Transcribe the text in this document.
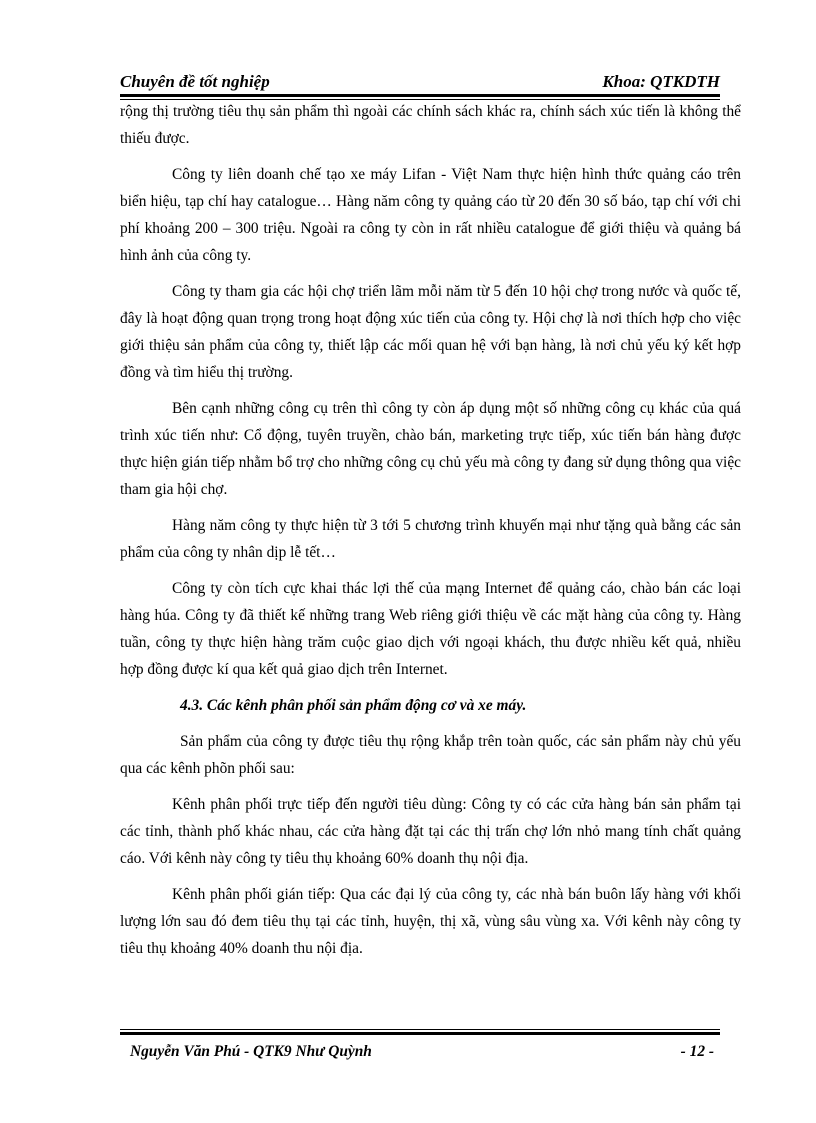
Chuyên đề tốt nghiệp	Khoa: QTKDTH

rộng thị trường tiêu thụ sản phẩm thì ngoài các chính sách khác ra, chính sách xúc tiến là không thể thiếu được.

Công ty liên doanh chế tạo xe máy Lifan - Việt Nam thực hiện hình thức quảng cáo trên biển hiệu, tạp chí hay catalogue… Hàng năm công ty quảng cáo từ 20 đến 30 số báo, tạp chí với chi phí khoảng 200 – 300 triệu. Ngoài ra công ty còn in rất nhiều catalogue để giới thiệu và quảng bá hình ảnh của công ty.

Công ty tham gia các hội chợ triển lãm mỗi năm từ 5 đến 10 hội chợ trong nước và quốc tế, đây là hoạt động quan trọng trong hoạt động xúc tiến của công ty. Hội chợ là nơi thích hợp cho việc giới thiệu sản phẩm của công ty, thiết lập các mối quan hệ với bạn hàng, là nơi chủ yếu ký kết hợp đồng và tìm hiểu thị trường.

Bên cạnh những công cụ trên thì công ty còn áp dụng một số những công cụ khác của quá trình xúc tiến như: Cổ động, tuyên truyền, chào bán, marketing trực tiếp, xúc tiến bán hàng được thực hiện gián tiếp nhằm bổ trợ cho những công cụ chủ yếu mà công ty đang sử dụng thông qua việc tham gia hội chợ.

Hàng năm công ty thực hiện từ 3 tới 5 chương trình khuyến mại như tặng quà bằng các sản phẩm của công ty nhân dịp lễ tết…

Công ty còn tích cực khai thác lợi thế của mạng Internet để quảng cáo, chào bán các loại hàng húa. Công ty đã thiết kế những trang Web riêng giới thiệu về các mặt hàng của công ty. Hàng tuần, công ty thực hiện hàng trăm cuộc giao dịch với ngoại khách, thu được nhiều kết quả, nhiều hợp đồng được kí qua kết quả giao dịch trên Internet.

4.3. Các kênh phân phối sản phẩm động cơ và xe máy.

Sản phẩm của công ty được tiêu thụ rộng khắp trên toàn quốc, các sản phẩm này chủ yếu qua các kênh phõn phối sau:

Kênh phân phối trực tiếp đến người tiêu dùng: Công ty có các cửa hàng bán sản phẩm tại các tỉnh, thành phố khác nhau, các cửa hàng đặt tại các thị trấn chợ lớn nhỏ mang tính chất quảng cáo. Với kênh này công ty tiêu thụ khoảng 60% doanh thụ nội địa.

Kênh phân phối gián tiếp: Qua các đại lý của công ty, các nhà bán buôn lấy hàng với khối lượng lớn sau đó đem tiêu thụ tại các tỉnh, huyện, thị xã, vùng sâu vùng xa. Với kênh này công ty tiêu thụ khoảng 40% doanh thu nội địa.

Nguyễn Văn Phú - QTK9 Như Quỳnh	- 12 -
